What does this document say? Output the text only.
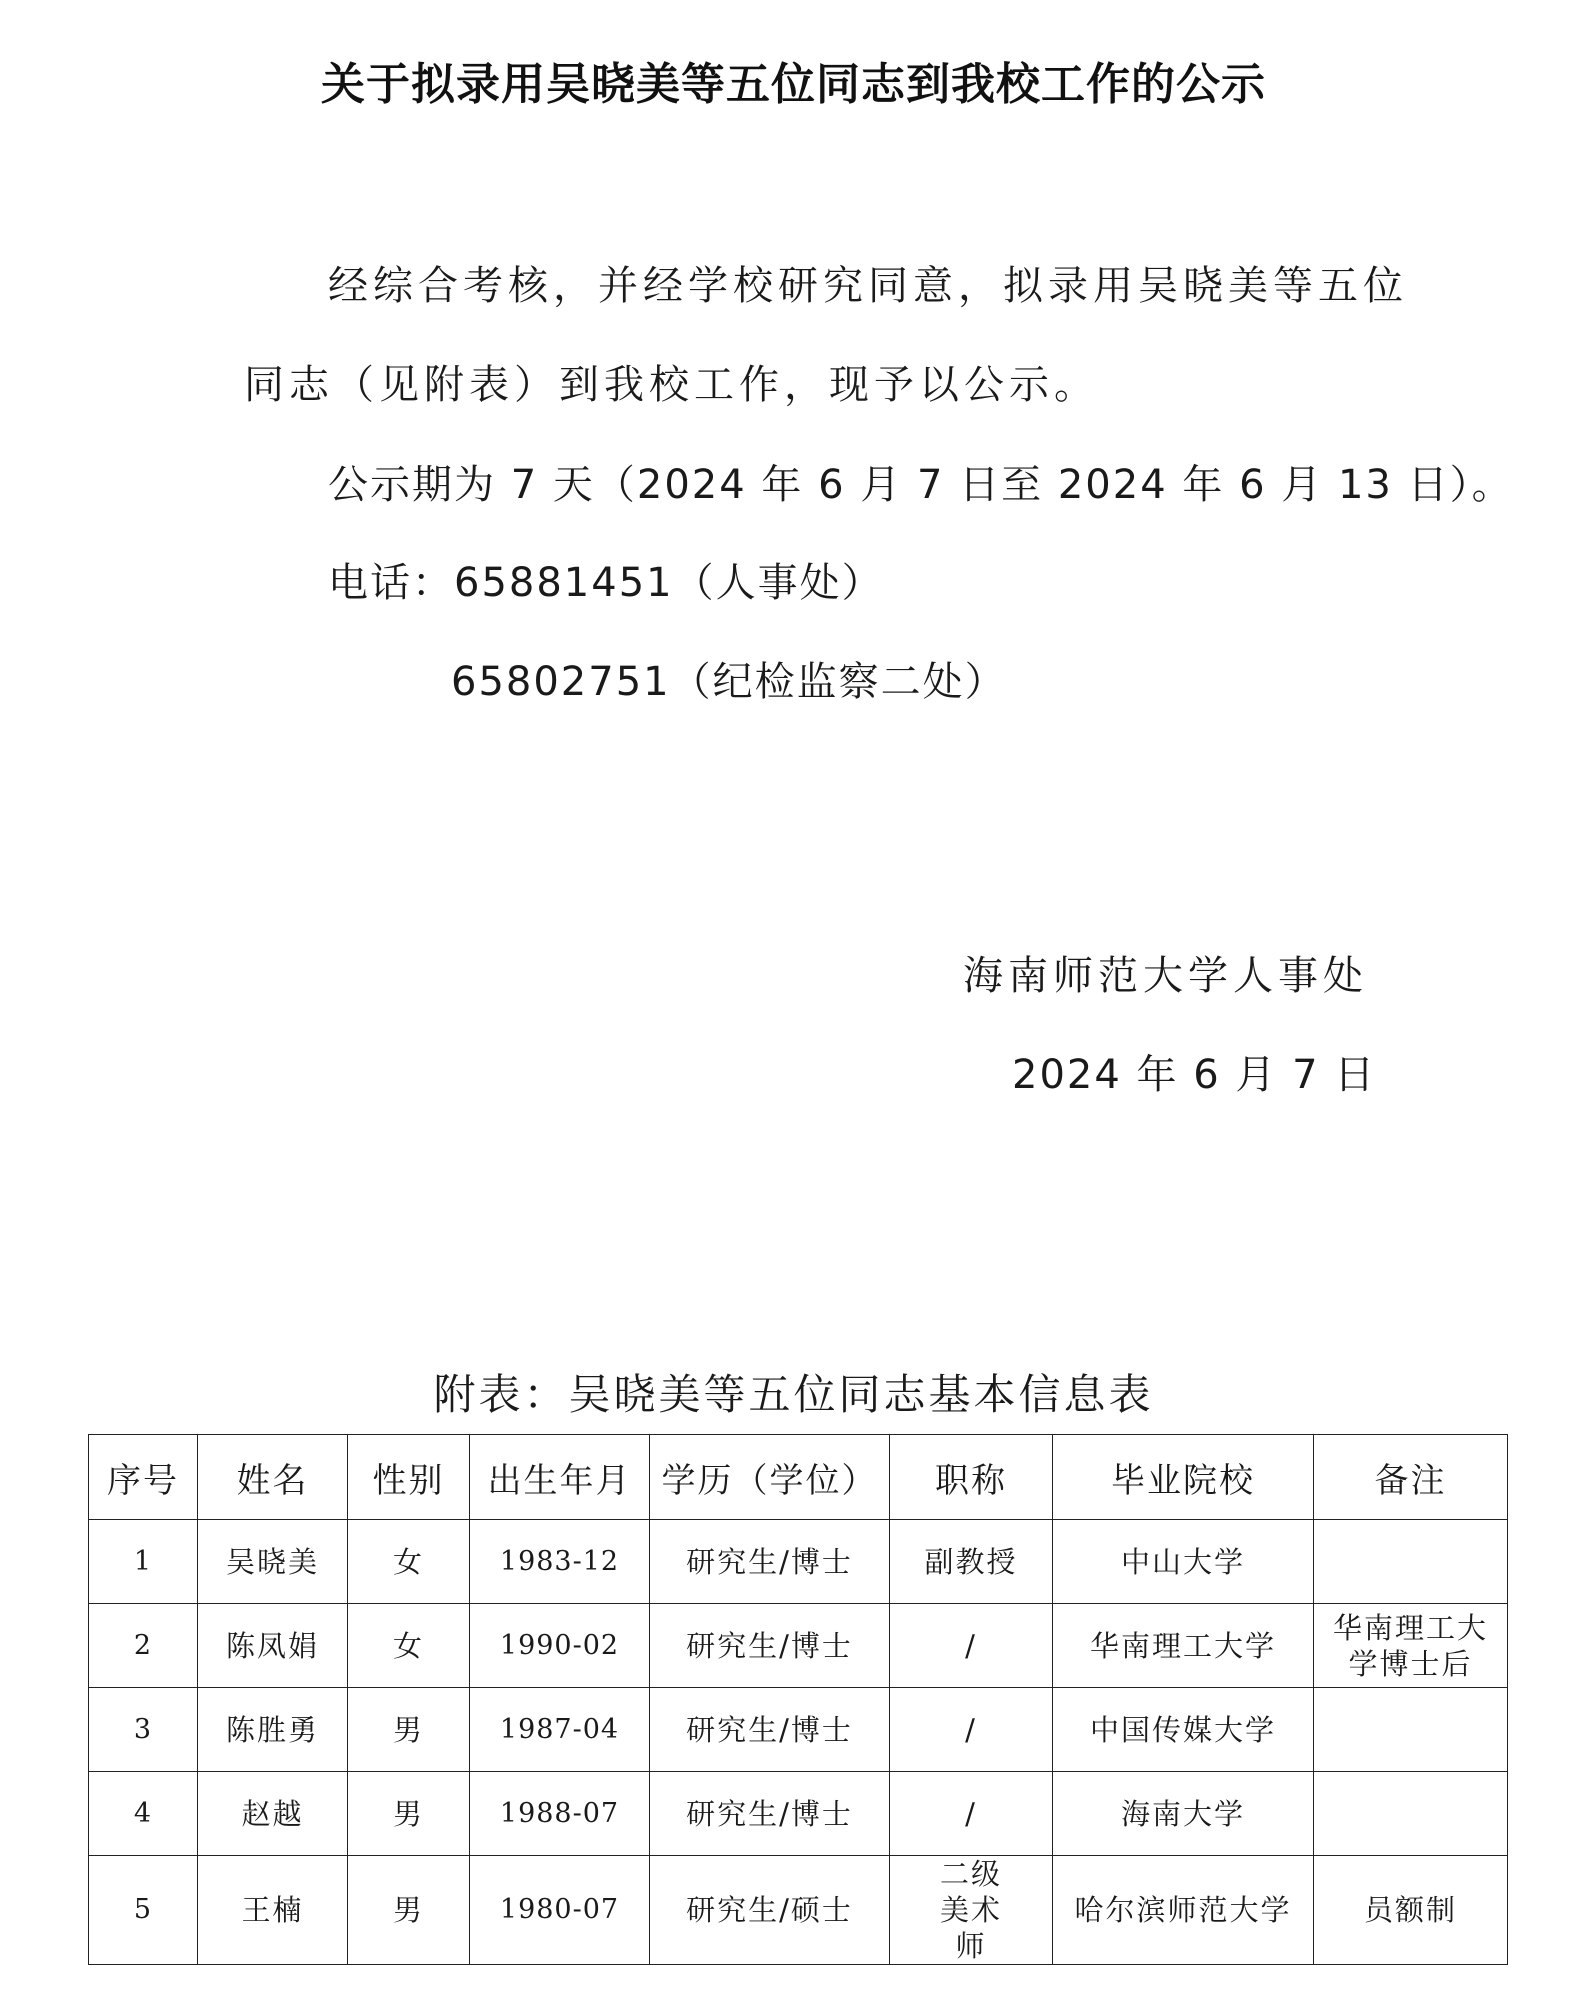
关于拟录用吴晓美等五位同志到我校工作的公示
经综合考核，并经学校研究同意，拟录用吴晓美等五位
同志（见附表）到我校工作，现予以公示。
公示期为 7 天（2024 年 6 月 7 日至 2024 年 6 月 13 日）。
电话：65881451（人事处）
65802751（纪检监察二处）
海南师范大学人事处
2024 年 6 月 7 日
附表：吴晓美等五位同志基本信息表
序号	姓名	性别	出生年月	学历（学位）	职称	毕业院校	备注
1	吴晓美	女	1983-12	研究生/博士	副教授	中山大学	
2	陈凤娟	女	1990-02	研究生/博士	/	华南理工大学	华南理工大学博士后
3	陈胜勇	男	1987-04	研究生/博士	/	中国传媒大学	
4	赵越	男	1988-07	研究生/博士	/	海南大学	
5	王楠	男	1980-07	研究生/硕士	二级美术师	哈尔滨师范大学	员额制
